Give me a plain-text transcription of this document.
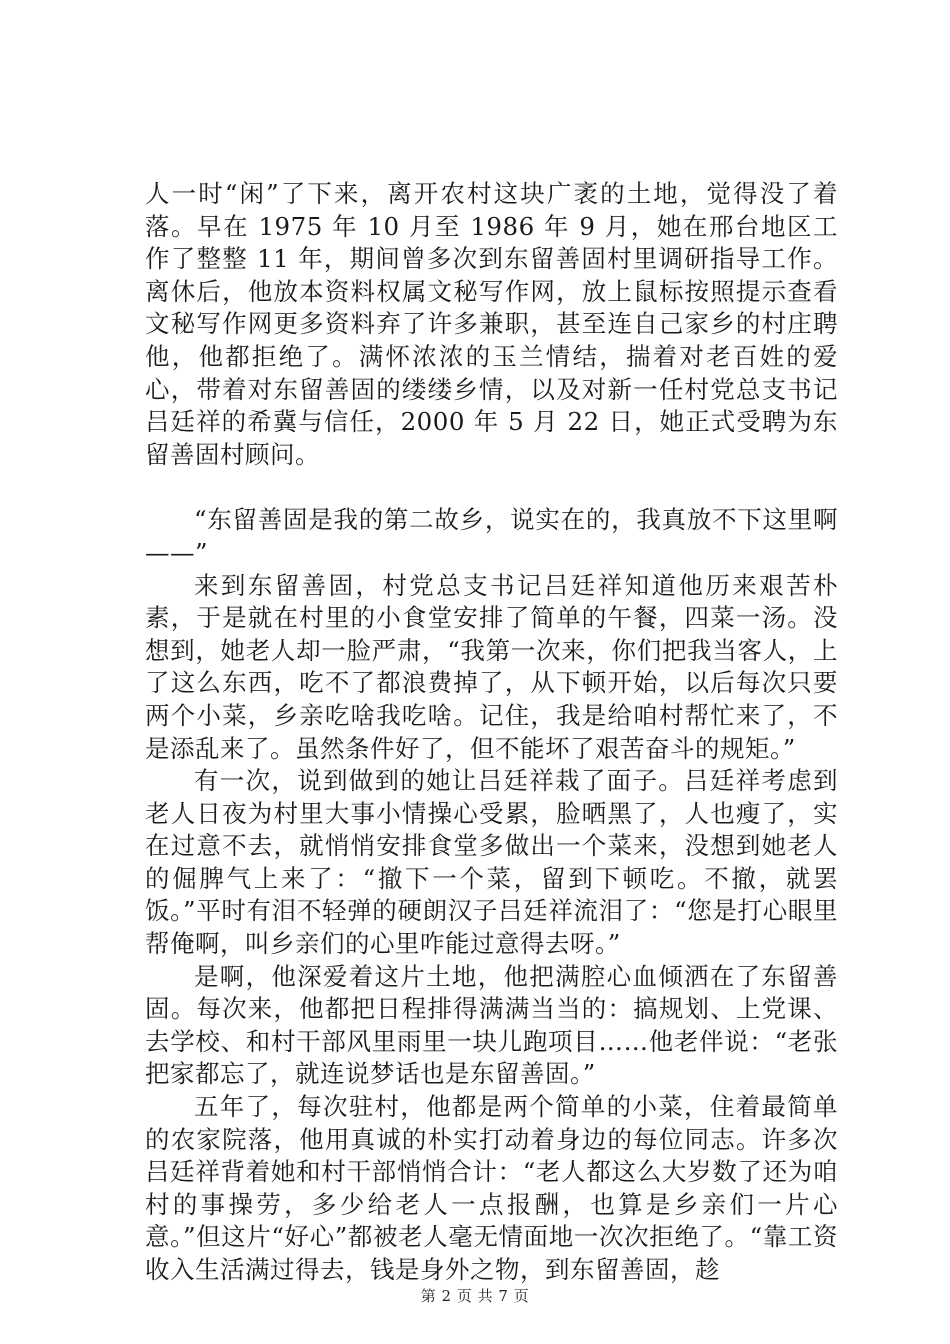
人一时“闲”了下来，离开农村这块广袤的土地，觉得没了着落。早在 1975 年 10 月至 1986 年 9 月，她在邢台地区工作了整整 11 年，期间曾多次到东留善固村里调研指导工作。离休后，他放本资料权属文秘写作网，放上鼠标按照提示查看文秘写作网更多资料弃了许多兼职，甚至连自己家乡的村庄聘他，他都拒绝了。满怀浓浓的玉兰情结，揣着对老百姓的爱心，带着对东留善固的缕缕乡情，以及对新一任村党总支书记吕廷祥的希冀与信任，2000 年 5 月 22 日，她正式受聘为东留善固村顾问。

“东留善固是我的第二故乡，说实在的，我真放不下这里啊——”

来到东留善固，村党总支书记吕廷祥知道他历来艰苦朴素，于是就在村里的小食堂安排了简单的午餐，四菜一汤。没想到，她老人却一脸严肃，“我第一次来，你们把我当客人，上了这么东西，吃不了都浪费掉了，从下顿开始，以后每次只要两个小菜，乡亲吃啥我吃啥。记住，我是给咱村帮忙来了，不是添乱来了。虽然条件好了，但不能坏了艰苦奋斗的规矩。”

有一次，说到做到的她让吕廷祥栽了面子。吕廷祥考虑到老人日夜为村里大事小情操心受累，脸晒黑了，人也瘦了，实在过意不去，就悄悄安排食堂多做出一个菜来，没想到她老人的倔脾气上来了：“撤下一个菜，留到下顿吃。不撤，就罢饭。”平时有泪不轻弹的硬朗汉子吕廷祥流泪了：“您是打心眼里帮俺啊，叫乡亲们的心里咋能过意得去呀。”

是啊，他深爱着这片土地，他把满腔心血倾洒在了东留善固。每次来，他都把日程排得满满当当的：搞规划、上党课、去学校、和村干部风里雨里一块儿跑项目……他老伴说：“老张把家都忘了，就连说梦话也是东留善固。”

五年了，每次驻村，他都是两个简单的小菜，住着最简单的农家院落，他用真诚的朴实打动着身边的每位同志。许多次吕廷祥背着她和村干部悄悄合计：“老人都这么大岁数了还为咱村的事操劳，多少给老人一点报酬，也算是乡亲们一片心意。”但这片“好心”都被老人毫无情面地一次次拒绝了。“靠工资收入生活满过得去，钱是身外之物，到东留善固，趁

第 2 页 共 7 页
